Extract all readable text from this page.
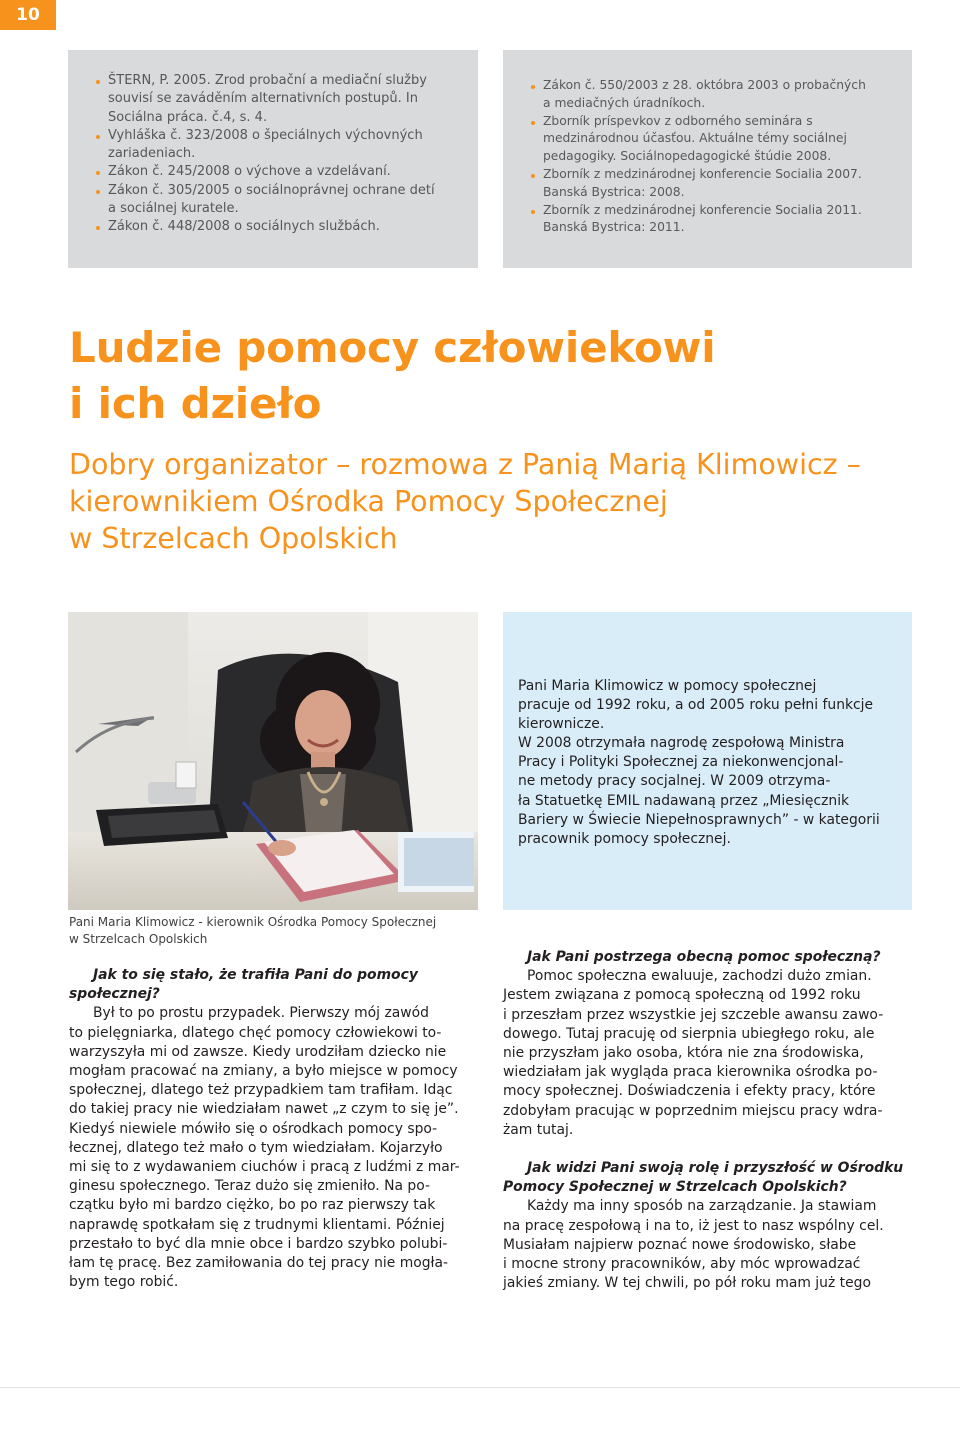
10
ŠTERN, P. 2005. Zrod probační a mediační služby
souvisí se zaváděním alternativních postupů. In
Sociálna práca. č.4, s. 4.
Vyhláška č. 323/2008 o špeciálnych výchovných
zariadeniach.
Zákon č. 245/2008 o výchove a vzdelávaní.
Zákon č. 305/2005 o sociálnoprávnej ochrane detí
a sociálnej kuratele.
Zákon č. 448/2008 o sociálnych službách.
Zákon č. 550/2003 z 28. októbra 2003 o probačných
a mediačných úradníkoch.
Zborník príspevkov z odborného seminára s
medzinárodnou účasťou. Aktuálne témy sociálnej
pedagogiky. Sociálnopedagogické štúdie 2008.
Zborník z medzinárodnej konferencie Socialia 2007.
Banská Bystrica: 2008.
Zborník z medzinárodnej konferencie Socialia 2011.
Banská Bystrica: 2011.
Ludzie pomocy człowiekowi
i ich dzieło
Dobry organizator – rozmowa z Panią Marią Klimowicz –
kierownikiem Ośrodka Pomocy Społecznej
w Strzelcach Opolskich

Pani Maria Klimowicz w pomocy społecznej
pracuje od 1992 roku, a od 2005 roku pełni funkcje
kierownicze.
W 2008 otrzymała nagrodę zespołową Ministra
Pracy i Polityki Społecznej za niekonwencjonal-
ne metody pracy socjalnej. W 2009 otrzyma-
ła Statuetkę EMIL nadawaną przez „Miesięcznik
Bariery w Świecie Niepełnosprawnych” - w kategorii
pracownik pomocy społecznej.

Pani Maria Klimowicz - kierownik Ośrodka Pomocy Społecznej
w Strzelcach Opolskich

Jak to się stało, że trafiła Pani do pomocy
społecznej?

Był to po prostu przypadek. Pierwszy mój zawód
to pielęgniarka, dlatego chęć pomocy człowiekowi to-
warzyszyła mi od zawsze. Kiedy urodziłam dziecko nie
mogłam pracować na zmiany, a było miejsce w pomocy
społecznej, dlatego też przypadkiem tam trafiłam. Idąc
do takiej pracy nie wiedziałam nawet „z czym to się je”.
Kiedyś niewiele mówiło się o ośrodkach pomocy spo-
łecznej, dlatego też mało o tym wiedziałam. Kojarzyło
mi się to z wydawaniem ciuchów i pracą z ludźmi z mar-
ginesu społecznego. Teraz dużo się zmieniło. Na po-
czątku było mi bardzo ciężko, bo po raz pierwszy tak
naprawdę spotkałam się z trudnymi klientami. Później
przestało to być dla mnie obce i bardzo szybko polubi-
łam tę pracę. Bez zamiłowania do tej pracy nie mogła-
bym tego robić.

Jak Pani postrzega obecną pomoc społeczną?

Pomoc społeczna ewaluuje, zachodzi dużo zmian.
Jestem związana z pomocą społeczną od 1992 roku
i przeszłam przez wszystkie jej szczeble awansu zawo-
dowego. Tutaj pracuję od sierpnia ubiegłego roku, ale
nie przyszłam jako osoba, która nie zna środowiska,
wiedziałam jak wygląda praca kierownika ośrodka po-
mocy społecznej. Doświadczenia i efekty pracy, które
zdobyłam pracując w poprzednim miejscu pracy wdra-
żam tutaj.

Jak widzi Pani swoją rolę i przyszłość w Ośrodku
Pomocy Społecznej w Strzelcach Opolskich?

Każdy ma inny sposób na zarządzanie. Ja stawiam
na pracę zespołową i na to, iż jest to nasz wspólny cel.
Musiałam najpierw poznać nowe środowisko, słabe
i mocne strony pracowników, aby móc wprowadzać
jakieś zmiany. W tej chwili, po pół roku mam już tego
